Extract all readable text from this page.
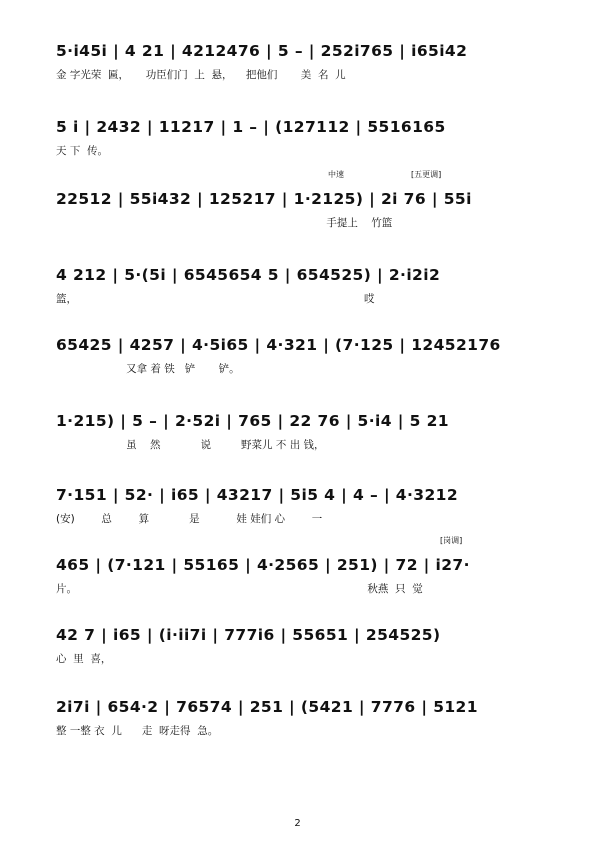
5·i45i | 4 21 | 4212476 | 5 – | 252i765 | i65i42
金 字光荣  匾，     功臣们门  上  悬，    把他们       美  名  儿
5 i | 2432 | 11217 | 1 – | (127112 | 5516165
天 下  传。
中速	[五更调]
22512 | 55i432 | 125217 | 1·2125) | 2i 76 | 55i
手提上    竹篮
4 212 | 5·(5i | 6545654 5 | 654525) | 2·i2i2
篮，                                                                                      哎
65425 | 4257 | 4·5i65 | 4·321 | (7·125 | 12452176
又拿 着 铁   铲       铲。
1·215) | 5 – | 2·52i | 765 | 22 76 | 5·i4 | 5 21
虽    然            说         野菜儿 不 出 钱，
7·151 | 52· | i65 | 43217 | 5i5 4 | 4 – | 4·3212
(安)        总        算            是           娃 娃们 心        一
[岗调]
465 | (7·121 | 55165 | 4·2565 | 251) | 72 | i27·
片。                                                                                       秋燕  只  觉
42 7 | i65 | (i·ii7i | 777i6 | 55651 | 254525)
心  里  喜，
2i7i | 654·2 | 76574 | 251 | (5421 | 7776 | 5121
整 一整 衣  儿      走  呀走得  急。
2
